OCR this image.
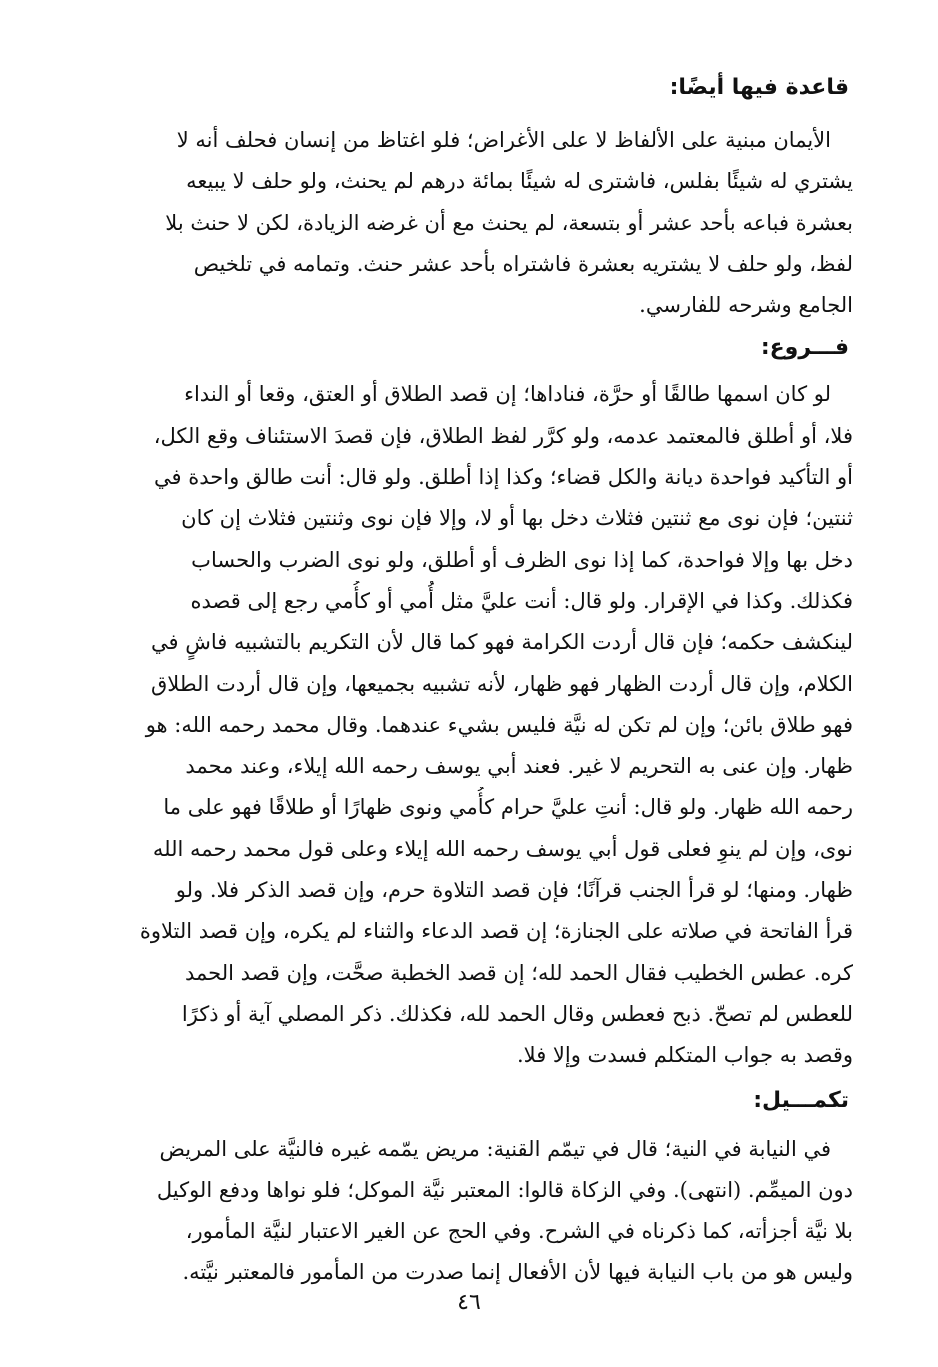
قاعدة فيها أيضًا:
الأيمان مبنية على الألفاظ لا على الأغراض؛ فلو اغتاظ من إنسان فحلف أنه لا
يشتري له شيئًا بفلس، فاشترى له شيئًا بمائة درهم لم يحنث، ولو حلف لا يبيعه
بعشرة فباعه بأحد عشر أو بتسعة، لم يحنث مع أن غرضه الزيادة، لكن لا حنث بلا
لفظ، ولو حلف لا يشتريه بعشرة فاشتراه بأحد عشر حنث. وتمامه في تلخيص
الجامع وشرحه للفارسي.
فـــروع:
لو كان اسمها طالقًا أو حرَّة، فناداها؛ إن قصد الطلاق أو العتق، وقعا أو النداء
فلا، أو أطلق فالمعتمد عدمه، ولو كرَّر لفظ الطلاق، فإن قصدَ الاستئناف وقع الكل،
أو التأكيد فواحدة ديانة والكل قضاء؛ وكذا إذا أطلق. ولو قال: أنت طالق واحدة في
ثنتين؛ فإن نوى مع ثنتين فثلاث دخل بها أو لا، وإلا فإن نوى وثنتين فثلاث إن كان
دخل بها وإلا فواحدة، كما إذا نوى الظرف أو أطلق، ولو نوى الضرب والحساب
فكذلك. وكذا في الإقرار. ولو قال: أنت عليَّ مثل أُمي أو كأُمي رجع إلى قصده
لينكشف حكمه؛ فإن قال أردت الكرامة فهو كما قال لأن التكريم بالتشبيه فاشٍ في
الكلام، وإن قال أردت الظهار فهو ظهار، لأنه تشبيه بجميعها، وإن قال أردت الطلاق
فهو طلاق بائن؛ وإن لم تكن له نيَّة فليس بشيء عندهما. وقال محمد رحمه الله: هو
ظهار. وإن عنى به التحريم لا غير. فعند أبي يوسف رحمه الله إيلاء، وعند محمد
رحمه الله ظهار. ولو قال: أنتِ عليَّ حرام كأُمي ونوى ظهارًا أو طلاقًا فهو على ما
نوى، وإن لم ينوِ فعلى قول أبي يوسف رحمه الله إيلاء وعلى قول محمد رحمه الله
ظهار. ومنها؛ لو قرأ الجنب قرآنًا؛ فإن قصد التلاوة حرم، وإن قصد الذكر فلا. ولو
قرأ الفاتحة في صلاته على الجنازة؛ إن قصد الدعاء والثناء لم يكره، وإن قصد التلاوة
كره. عطس الخطيب فقال الحمد لله؛ إن قصد الخطبة صحَّت، وإن قصد الحمد
للعطس لم تصحّ. ذبح فعطس وقال الحمد لله، فكذلك. ذكر المصلي آية أو ذكرًا
وقصد به جواب المتكلم فسدت وإلا فلا.
تكمـــيل:
في النيابة في النية؛ قال في تيمّم القنية: مريض يمّمه غيره فالنيَّة على المريض
دون الميمِّم. (انتهى). وفي الزكاة قالوا: المعتبر نيَّة الموكل؛ فلو نواها ودفع الوكيل
بلا نيَّة أجزأته، كما ذكرناه في الشرح. وفي الحج عن الغير الاعتبار لنيَّة المأمور،
وليس هو من باب النيابة فيها لأن الأفعال إنما صدرت من المأمور فالمعتبر نيَّته.
٤٦
